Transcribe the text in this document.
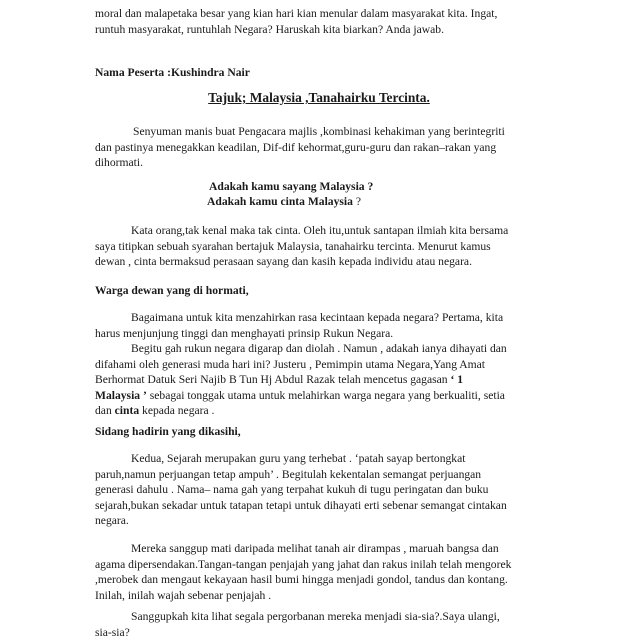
moral dan malapetaka besar yang kian hari kian menular dalam masyarakat kita. Ingat,
runtuh masyarakat, runtuhlah Negara? Haruskah kita biarkan? Anda jawab.
Nama Peserta :Kushindra Nair

Tajuk; Malaysia ,Tanahairku Tercinta.

Senyuman manis buat Pengacara majlis ,kombinasi kehakiman yang berintegriti
dan pastinya menegakkan keadilan, Dif-dif kehormat,guru-guru dan rakan–rakan yang
dihormati.
Adakah kamu sayang Malaysia ?
Adakah kamu cinta Malaysia ?
Kata orang,tak kenal maka tak cinta. Oleh itu,untuk santapan ilmiah kita bersama
saya titipkan sebuah syarahan bertajuk Malaysia, tanahairku tercinta. Menurut kamus
dewan , cinta bermaksud perasaan sayang dan kasih kepada individu atau negara.
Warga dewan yang di hormati,
Bagaimana untuk kita menzahirkan rasa kecintaan kepada negara? Pertama, kita
harus menjunjung tinggi dan menghayati prinsip Rukun Negara.
Begitu gah rukun negara digarap dan diolah . Namun , adakah ianya dihayati dan
difahami oleh generasi muda hari ini? Justeru , Pemimpin utama Negara,Yang Amat
Berhormat Datuk Seri Najib B Tun Hj Abdul Razak telah mencetus gagasan ‘ 1
Malaysia ’ sebagai tonggak utama untuk melahirkan warga negara yang berkualiti, setia
dan cinta kepada negara .
Sidang hadirin yang dikasihi,
Kedua, Sejarah merupakan guru yang terhebat . ‘patah sayap bertongkat
paruh,namun perjuangan tetap ampuh’ . Begitulah kekentalan semangat perjuangan
generasi dahulu . Nama– nama gah yang terpahat kukuh di tugu peringatan dan buku
sejarah,bukan sekadar untuk tatapan tetapi untuk dihayati erti sebenar semangat cintakan
negara.
Mereka sanggup mati daripada melihat tanah air dirampas , maruah bangsa dan
agama dipersendakan.Tangan-tangan penjajah yang jahat dan rakus inilah telah mengorek
,merobek dan mengaut kekayaan hasil bumi hingga menjadi gondol, tandus dan kontang.
Inilah, inilah wajah sebenar penjajah .
Sanggupkah kita lihat segala pergorbanan mereka menjadi sia-sia?.Saya ulangi,
sia-sia?
